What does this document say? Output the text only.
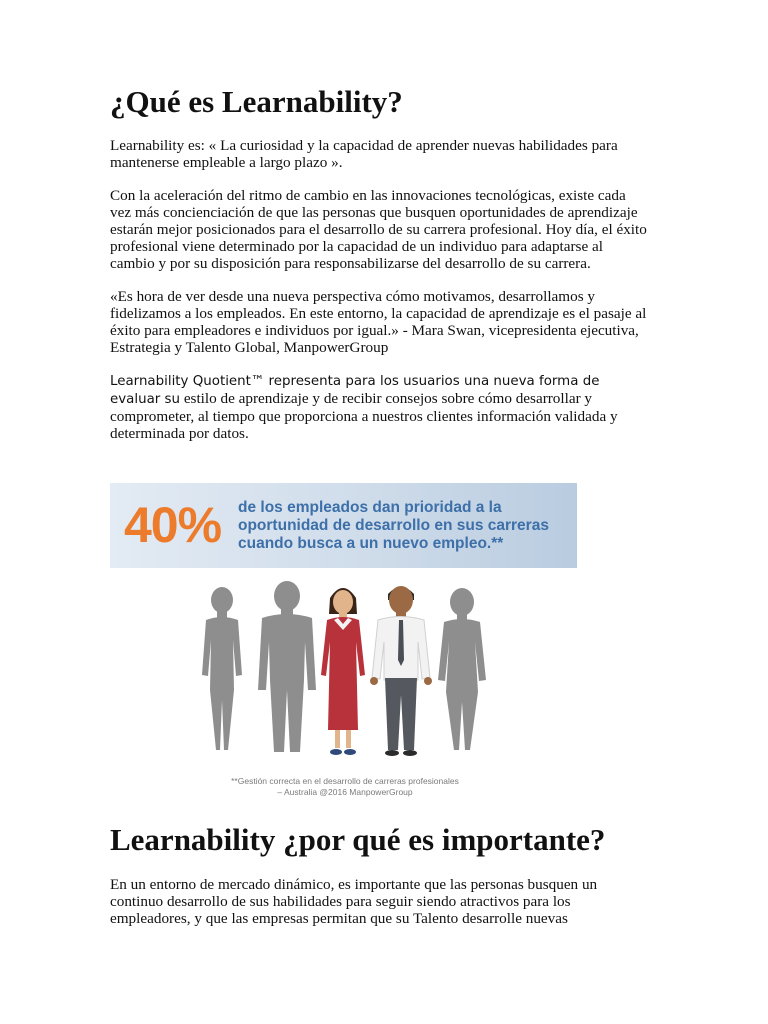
¿Qué es Learnability?

Learnability es: « La curiosidad y la capacidad de aprender nuevas habilidades para mantenerse empleable a largo plazo ».

Con la aceleración del ritmo de cambio en las innovaciones tecnológicas, existe cada vez más concienciación de que las personas que busquen oportunidades de aprendizaje estarán mejor posicionados para el desarrollo de su carrera profesional. Hoy día, el éxito profesional viene determinado por la capacidad de un individuo para adaptarse al cambio y por su disposición para responsabilizarse del desarrollo de su carrera.

«Es hora de ver desde una nueva perspectiva cómo motivamos, desarrollamos y fidelizamos a los empleados. En este entorno, la capacidad de aprendizaje es el pasaje al éxito para empleadores e individuos por igual.» - Mara Swan, vicepresidenta ejecutiva, Estrategia y Talento Global, ManpowerGroup

Learnability Quotient™ representa para los usuarios una nueva forma de evaluar su estilo de aprendizaje y de recibir consejos sobre cómo desarrollar y comprometer, al tiempo que proporciona a nuestros clientes información validada y determinada por datos.

Learnability ¿por qué es importante?

En un entorno de mercado dinámico, es importante que las personas busquen un continuo desarrollo de sus habilidades para seguir siendo atractivos para los empleadores, y que las empresas permitan que su Talento desarrolle nuevas

40% de los empleados dan prioridad a la oportunidad de desarrollo en sus carreras cuando busca a un nuevo empleo.**
**Gestión correcta en el desarrollo de carreras profesionales
– Australia @2016 ManpowerGroup
